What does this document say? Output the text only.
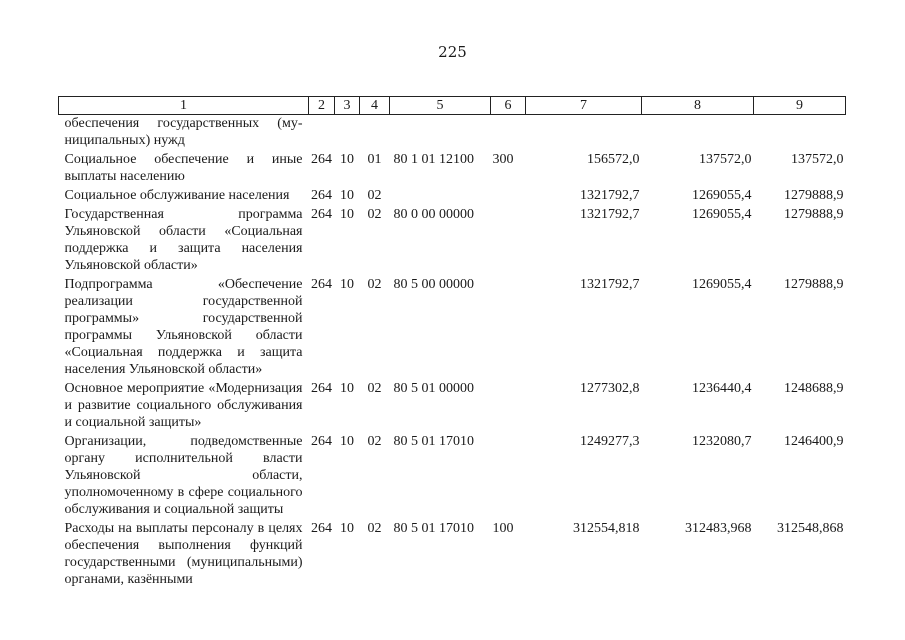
225
1	2	3	4	5	6	7	8	9
обеспечения государственных (му-ниципальных) нужд								
Социальное обеспечение и иные выплаты населению	264	10	01	80 1 01 12100	300	156572,0	137572,0	137572,0
Социальное обслуживание населения	264	10	02			1321792,7	1269055,4	1279888,9
Государственная программа Ульяновской области «Социальная поддержка и защита населения Ульяновской области»	264	10	02	80 0 00 00000		1321792,7	1269055,4	1279888,9
Подпрограмма «Обеспечение реализации государственной программы» государственной программы Ульяновской области «Социальная поддержка и защита населения Ульяновской области»	264	10	02	80 5 00 00000		1321792,7	1269055,4	1279888,9
Основное мероприятие «Модернизация и развитие социального обслуживания и социальной защиты»	264	10	02	80 5 01 00000		1277302,8	1236440,4	1248688,9
Организации, подведомственные органу исполнительной власти Ульяновской области, уполномоченному в сфере социального обслуживания и социальной защиты	264	10	02	80 5 01 17010		1249277,3	1232080,7	1246400,9
Расходы на выплаты персоналу в целях обеспечения выполнения функций государственными (муниципальными) органами, казёнными	264	10	02	80 5 01 17010	100	312554,818	312483,968	312548,868
